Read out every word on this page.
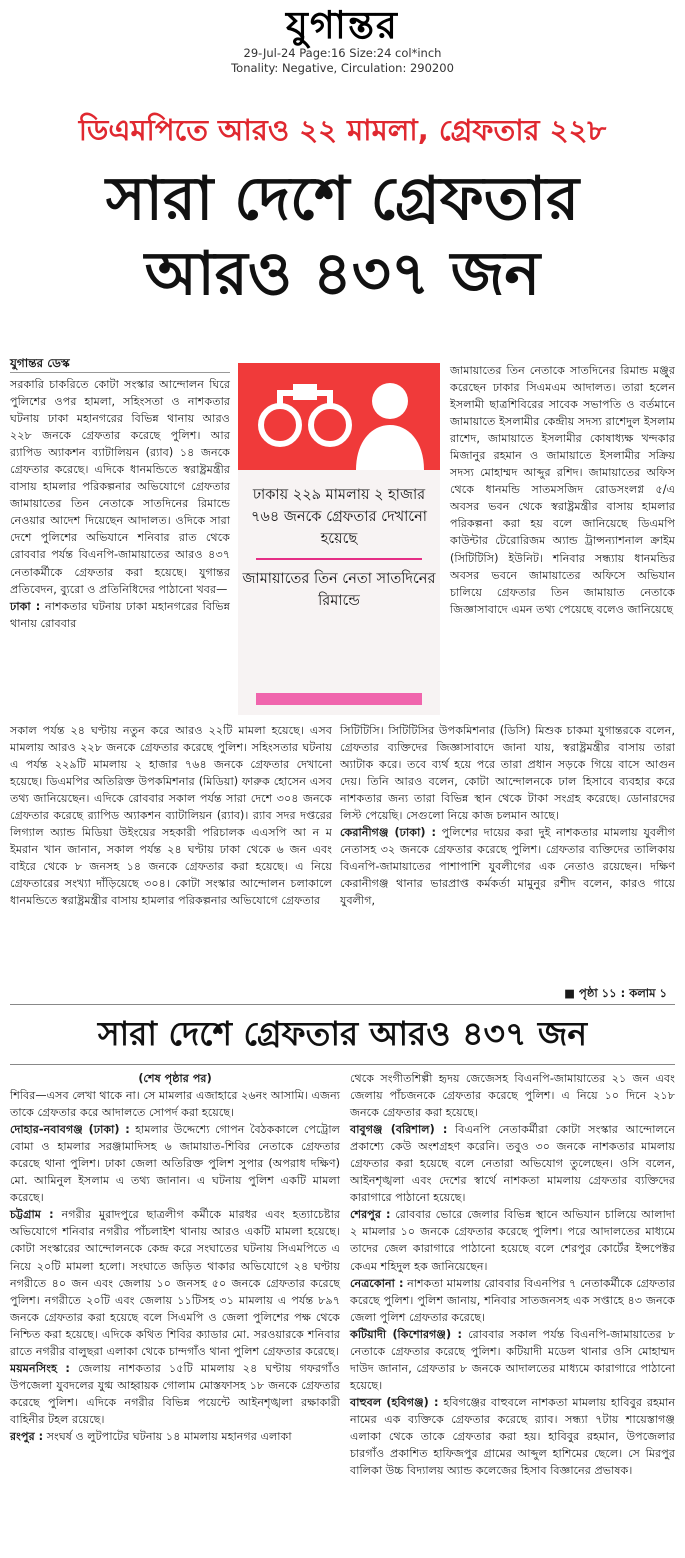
যুগান্তর
29-Jul-24 Page:16 Size:24 col*inch
Tonality: Negative, Circulation: 290200
ডিএমপিতে আরও ২২ মামলা, গ্রেফতার ২২৮
সারা দেশে গ্রেফতার
আরও ৪৩৭ জন
যুগান্তর ডেস্ক

সরকারি চাকরিতে কোটা সংস্কার আন্দোলন ঘিরে পুলিশের ওপর হামলা, সহিংসতা ও নাশকতার ঘটনায় ঢাকা মহানগরের বিভিন্ন থানায় আরও ২২৮ জনকে গ্রেফতার করেছে পুলিশ। আর র‌্যাপিড অ্যাকশন ব্যাটালিয়ন (র‌্যাব) ১৪ জনকে গ্রেফতার করেছে। এদিকে ধানমন্ডিতে স্বরাষ্ট্রমন্ত্রীর বাসায় হামলার পরিকল্পনার অভিযোগে গ্রেফতার জামায়াতের তিন নেতাকে সাতদিনের রিমান্ডে নেওয়ার আদেশ দিয়েছেন আদালত। ওদিকে সারা দেশে পুলিশের অভিযানে শনিবার রাত থেকে রোববার পর্যন্ত বিএনপি-জামায়াতের আরও ৪৩৭ নেতাকর্মীকে গ্রেফতার করা হয়েছে। যুগান্তর প্রতিবেদন, ব্যুরো ও প্রতিনিধিদের পাঠানো খবর—

ঢাকা : নাশকতার ঘটনায় ঢাকা মহানগরের বিভিন্ন থানায় রোববার

ঢাকায় ২২৯ মামলায় ২ হাজার ৭৬৪ জনকে গ্রেফতার দেখানো হয়েছে
জামায়াতের তিন নেতা সাতদিনের রিমান্ডে

জামায়াতের তিন নেতাকে সাতদিনের রিমান্ড মঞ্জুর করেছেন ঢাকার সিএমএম আদালত। তারা হলেন ইসলামী ছাত্রশিবিরের সাবেক সভাপতি ও বর্তমানে জামায়াতে ইসলামীর কেন্দ্রীয় সদস্য রাশেদুল ইসলাম রাশেদ, জামায়াতে ইসলামীর কোষাধ্যক্ষ খন্দকার মিজানুর রহমান ও জামায়াতে ইসলামীর সক্রিয় সদস্য মোহাম্মদ আব্দুর রশিদ। জামায়াতের অফিস থেকে ধানমন্ডি সাতমসজিদ রোডসংলগ্ন ৫/এ অবসর ভবন থেকে স্বরাষ্ট্রমন্ত্রীর বাসায় হামলার পরিকল্পনা করা হয় বলে জানিয়েছে ডিএমপি কাউন্টার টেরোরিজম অ্যান্ড ট্রান্সন্যাশনাল ক্রাইম (সিটিটিসি) ইউনিট। শনিবার সন্ধ্যায় ধানমন্ডির অবসর ভবনে জামায়াতের অফিসে অভিযান চালিয়ে গ্রেফতার তিন জামায়াত নেতাকে জিজ্ঞাসাবাদে এমন তথ্য পেয়েছে বলেও জানিয়েছে

সকাল পর্যন্ত ২৪ ঘণ্টায় নতুন করে আরও ২২টি মামলা হয়েছে। এসব মামলায় আরও ২২৮ জনকে গ্রেফতার করেছে পুলিশ। সহিংসতার ঘটনায় এ পর্যন্ত ২২৯টি মামলায় ২ হাজার ৭৬৪ জনকে গ্রেফতার দেখানো হয়েছে। ডিএমপির অতিরিক্ত উপকমিশনার (মিডিয়া) ফারুক হোসেন এসব তথ্য জানিয়েছেন। এদিকে রোববার সকাল পর্যন্ত সারা দেশে ৩০৪ জনকে গ্রেফতার করেছে র‌্যাপিড অ্যাকশন ব্যাটালিয়ন (র‌্যাব)। র‌্যাব সদর দপ্তরের লিগ্যাল অ্যান্ড মিডিয়া উইংয়ের সহকারী পরিচালক এএসপি আ ন ম ইমরান খান জানান, সকাল পর্যন্ত ২৪ ঘণ্টায় ঢাকা থেকে ৬ জন এবং বাইরে থেকে ৮ জনসহ ১৪ জনকে গ্রেফতার করা হয়েছে। এ নিয়ে গ্রেফতারের সংখ্যা দাঁড়িয়েছে ৩০৪। কোটা সংস্কার আন্দোলন চলাকালে ধানমন্ডিতে স্বরাষ্ট্রমন্ত্রীর বাসায় হামলার পরিকল্পনার অভিযোগে গ্রেফতার

সিটিটিসি। সিটিটিসির উপকমিশনার (ডিসি) মিশুক চাকমা যুগান্তরকে বলেন, গ্রেফতার ব্যক্তিদের জিজ্ঞাসাবাদে জানা যায়, স্বরাষ্ট্রমন্ত্রীর বাসায় তারা অ্যাটাক করে। তবে ব্যর্থ হয়ে পরে তারা প্রধান সড়কে গিয়ে বাসে আগুন দেয়। তিনি আরও বলেন, কোটা আন্দোলনকে ঢাল হিসাবে ব্যবহার করে নাশকতার জন্য তারা বিভিন্ন স্থান থেকে টাকা সংগ্রহ করেছে। ডোনারদের লিস্ট পেয়েছি। সেগুলো নিয়ে কাজ চলমান আছে।

কেরানীগঞ্জ (ঢাকা) : পুলিশের দায়ের করা দুই নাশকতার মামলায় যুবলীগ নেতাসহ ৩২ জনকে গ্রেফতার করেছে পুলিশ। গ্রেফতার ব্যক্তিদের তালিকায় বিএনপি-জামায়াতের পাশাপাশি যুবলীগের এক নেতাও রয়েছেন। দক্ষিণ কেরানীগঞ্জ থানার ভারপ্রাপ্ত কর্মকর্তা মামুনুর রশীদ বলেন, কারও গায়ে যুবলীগ,

■ পৃষ্ঠা ১১ : কলাম ১
সারা দেশে গ্রেফতার আরও ৪৩৭ জন

(শেষ পৃষ্ঠার পর)

শিবির—এসব লেখা থাকে না। সে মামলার এজাহারে ২৬নং আসামি। এজন্য তাকে গ্রেফতার করে আদালতে সোপর্দ করা হয়েছে।

দোহার-নবাবগঞ্জ (ঢাকা) : হামলার উদ্দেশ্যে গোপন বৈঠককালে পেট্রোল বোমা ও হামলার সরঞ্জামাদিসহ ৬ জামায়াত-শিবির নেতাকে গ্রেফতার করেছে থানা পুলিশ। ঢাকা জেলা অতিরিক্ত পুলিশ সুপার (অপরাধ দক্ষিণ) মো. আমিনুল ইসলাম এ তথ্য জানান। এ ঘটনায় পুলিশ একটি মামলা করেছে।

চট্টগ্রাম : নগরীর মুরাদপুরে ছাত্রলীগ কর্মীকে মারধর এবং হত্যাচেষ্টার অভিযোগে শনিবার নগরীর পাঁচলাইশ থানায় আরও একটি মামলা হয়েছে। কোটা সংস্কারের আন্দোলনকে কেন্দ্র করে সংঘাতের ঘটনায় সিএমপিতে এ নিয়ে ২০টি মামলা হলো। সংঘাতে জড়িত থাকার অভিযোগে ২৪ ঘণ্টায় নগরীতে ৪০ জন এবং জেলায় ১০ জনসহ ৫০ জনকে গ্রেফতার করেছে পুলিশ। নগরীতে ২০টি এবং জেলায় ১১টিসহ ৩১ মামলায় এ পর্যন্ত ৮৯৭ জনকে গ্রেফতার করা হয়েছে বলে সিএমপি ও জেলা পুলিশের পক্ষ থেকে নিশ্চিত করা হয়েছে। এদিকে কথিত শিবির ক্যাডার মো. সরওয়ারকে শনিবার রাতে নগরীর বালুছরা এলাকা থেকে চান্দগাঁও থানা পুলিশ গ্রেফতার করেছে।

ময়মনসিংহ : জেলায় নাশকতার ১৫টি মামলায় ২৪ ঘণ্টায় গফরগাঁও উপজেলা যুবদলের যুগ্ম আহ্বায়ক গোলাম মোস্তফাসহ ১৮ জনকে গ্রেফতার করেছে পুলিশ। এদিকে নগরীর বিভিন্ন পয়েন্টে আইনশৃঙ্খলা রক্ষাকারী বাহিনীর টহল রয়েছে।

রংপুর : সংঘর্ষ ও লুটপাটের ঘটনায় ১৪ মামলায় মহানগর এলাকা

থেকে সংগীতশিল্পী হৃদয় জেজেসহ বিএনপি-জামায়াতের ২১ জন এবং জেলায় পাঁচজনকে গ্রেফতার করেছে পুলিশ। এ নিয়ে ১০ দিনে ২১৮ জনকে গ্রেফতার করা হয়েছে।

বাবুগঞ্জ (বরিশাল) : বিএনপি নেতাকর্মীরা কোটা সংস্কার আন্দোলনে প্রকাশ্যে কেউ অংশগ্রহণ করেনি। তবুও ৩০ জনকে নাশকতার মামলায় গ্রেফতার করা হয়েছে বলে নেতারা অভিযোগ তুলেছেন। ওসি বলেন, আইনশৃঙ্খলা এবং দেশের স্বার্থে নাশকতা মামলায় গ্রেফতার ব্যক্তিদের কারাগারে পাঠানো হয়েছে।

শেরপুর : রোববার ভোরে জেলার বিভিন্ন স্থানে অভিযান চালিয়ে আলাদা ২ মামলার ১০ জনকে গ্রেফতার করেছে পুলিশ। পরে আদালতের মাধ্যমে তাদের জেল কারাগারে পাঠানো হয়েছে বলে শেরপুর কোর্টের ইন্সপেক্টর কেএম শহিদুল হক জানিয়েছেন।

নেত্রকোনা : নাশকতা মামলায় রোববার বিএনপির ৭ নেতাকর্মীকে গ্রেফতার করেছে পুলিশ। পুলিশ জানায়, শনিবার সাতজনসহ এক সপ্তাহে ৪৩ জনকে জেলা পুলিশ গ্রেফতার করেছে।

কটিয়াদী (কিশোরগঞ্জ) : রোববার সকাল পর্যন্ত বিএনপি-জামায়াতের ৮ নেতাকে গ্রেফতার করেছে পুলিশ। কটিয়াদী মডেল থানার ওসি মোহাম্মদ দাউদ জানান, গ্রেফতার ৮ জনকে আদালতের মাধ্যমে কারাগারে পাঠানো হয়েছে।

বাহুবল (হবিগঞ্জ) : হবিগঞ্জের বাহুবলে নাশকতা মামলায় হাবিবুর রহমান নামের এক ব্যক্তিকে গ্রেফতার করেছে র‌্যাব। সন্ধ্যা ৭টায় শায়েস্তাগঞ্জ এলাকা থেকে তাকে গ্রেফতার করা হয়। হাবিবুর রহমান, উপজেলার চারগাঁও প্রকাশিত হাফিজপুর গ্রামের আব্দুল হাশিমের ছেলে। সে মিরপুর বালিকা উচ্চ বিদ্যালয় অ্যান্ড কলেজের হিসাব বিজ্ঞানের প্রভাষক।
